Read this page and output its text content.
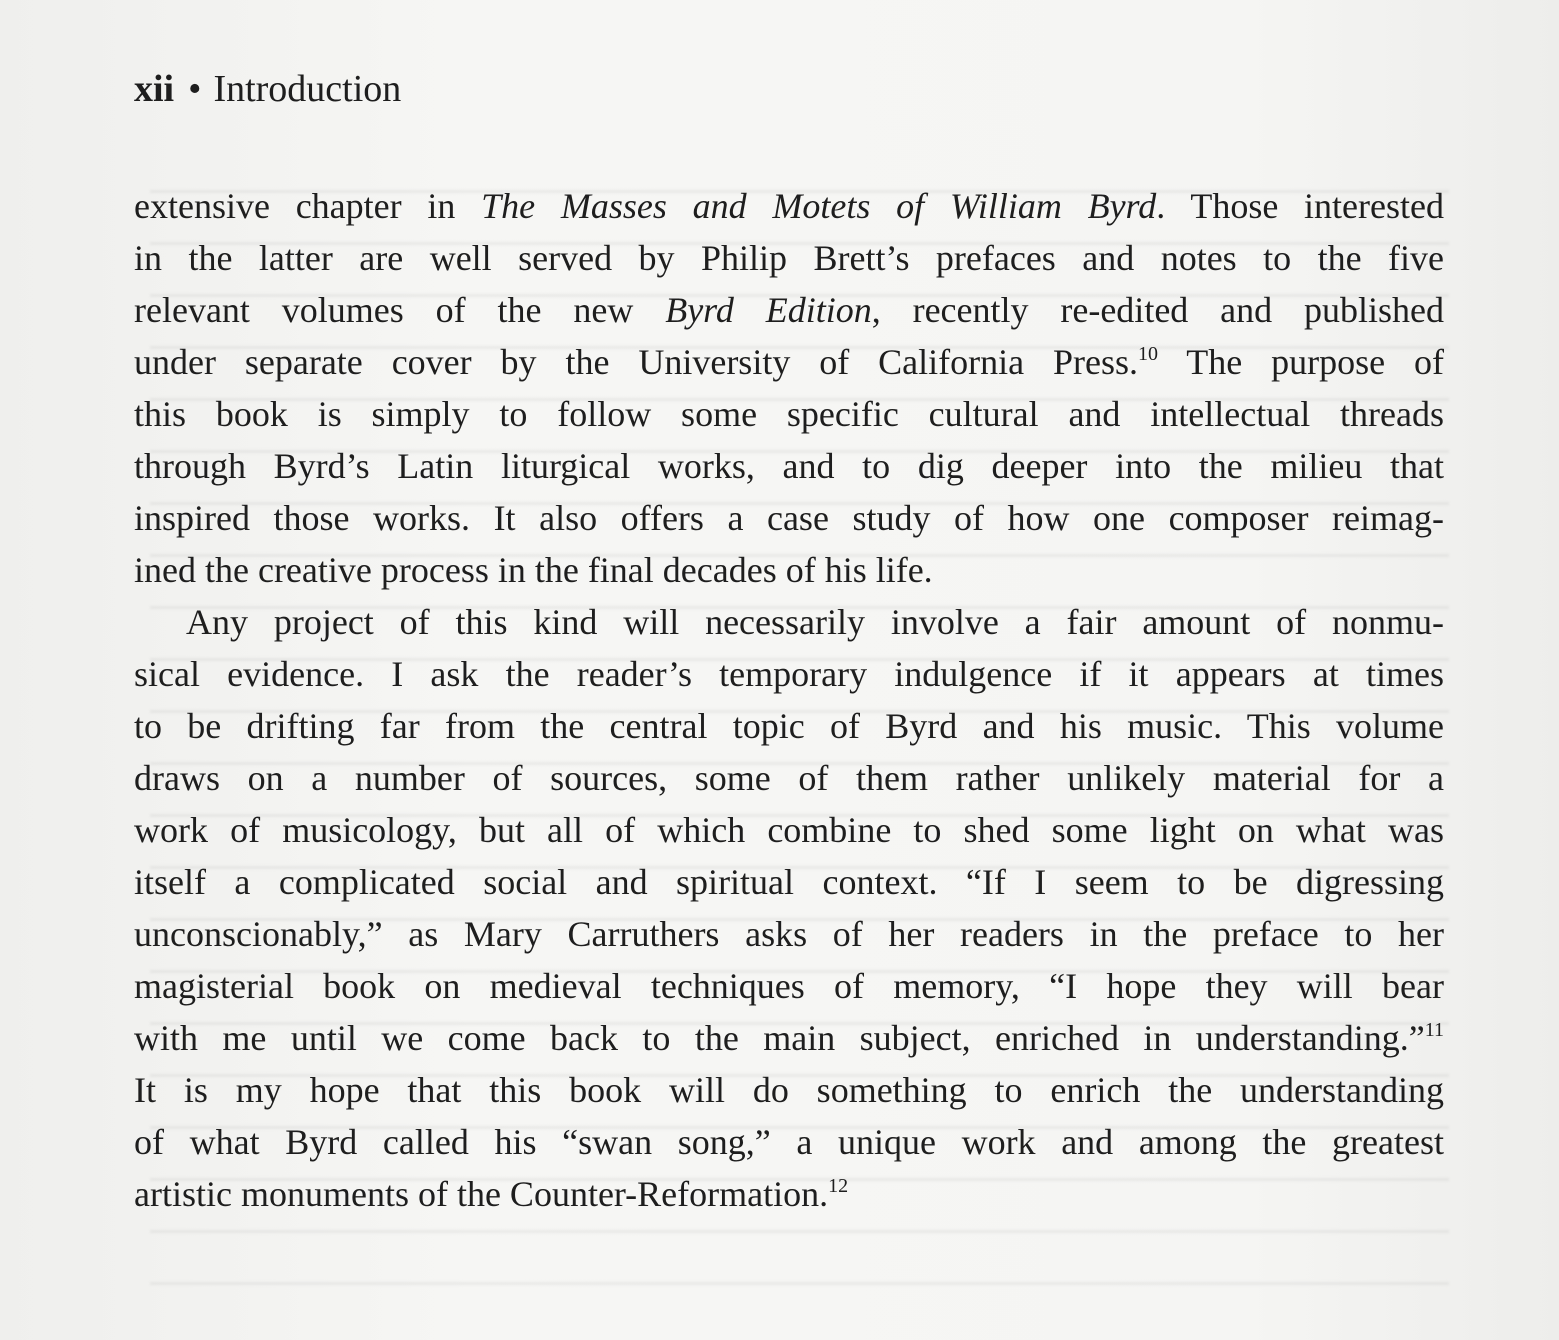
xii • Introduction
extensive chapter in The Masses and Motets of William Byrd. Those interested
in the latter are well served by Philip Brett’s prefaces and notes to the five
relevant volumes of the new Byrd Edition, recently re-edited and published
under separate cover by the University of California Press.$^{10}$ The purpose of
this book is simply to follow some specific cultural and intellectual threads
through Byrd’s Latin liturgical works, and to dig deeper into the milieu that
inspired those works. It also offers a case study of how one composer reimag-
ined the creative process in the final decades of his life.
Any project of this kind will necessarily involve a fair amount of nonmu-
sical evidence. I ask the reader’s temporary indulgence if it appears at times
to be drifting far from the central topic of Byrd and his music. This volume
draws on a number of sources, some of them rather unlikely material for a
work of musicology, but all of which combine to shed some light on what was
itself a complicated social and spiritual context. “If I seem to be digressing
unconscionably,” as Mary Carruthers asks of her readers in the preface to her
magisterial book on medieval techniques of memory, “I hope they will bear
with me until we come back to the main subject, enriched in understanding.”$^{11}$
It is my hope that this book will do something to enrich the understanding
of what Byrd called his “swan song,” a unique work and among the greatest
artistic monuments of the Counter-Reformation.$^{12}$
